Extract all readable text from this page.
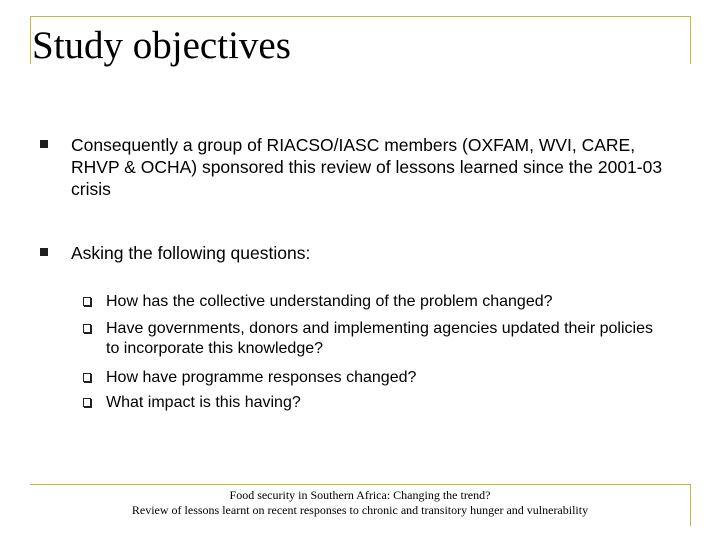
Study objectives
Consequently a group of RIACSO/IASC members (OXFAM, WVI, CARE, RHVP & OCHA) sponsored this review of lessons learned since the 2001-03 crisis
Asking the following questions:
How has the collective understanding of the problem changed?
Have governments, donors and implementing agencies updated their policies to incorporate this knowledge?
How have programme responses changed?
What impact is this having?
Food security in Southern Africa: Changing the trend?
Review of lessons learnt on recent responses to chronic and transitory hunger and vulnerability
